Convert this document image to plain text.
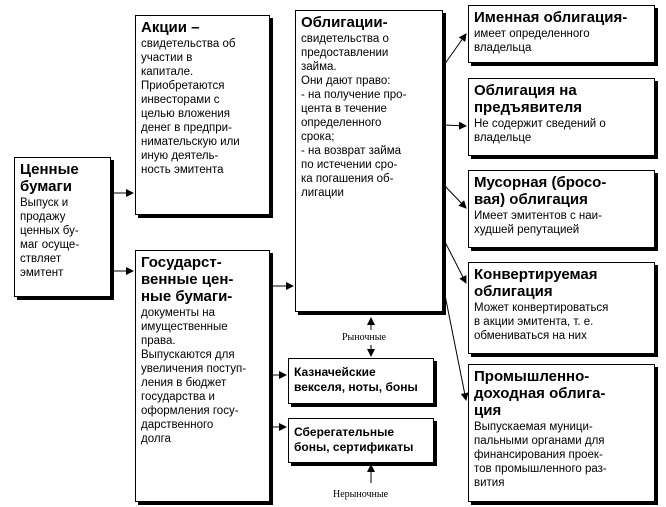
Ценные
бумаги
Выпуск и
продажу
ценных бу-
маг осуще-
ствляет
эмитент
Акции –
свидетельства об
участии в
капитале.
Приобретаются
инвесторами с
целью вложения
денег в предпри-
нимательскую или
иную деятель-
ность эмитента
Государст-
венные цен-
ные бумаги-
документы на
имущественные
права.
Выпускаются для
увеличения поступ-
ления в бюджет
государства и
оформления госу-
дарственного
долга
Облигации-
свидетельства о
предоставлении
займа.
Они дают право:
- на получение про-
цента в течение
определенного
срока;
- на возврат займа
по истечении сро-
ка погашения об-
лигации
Рыночные
Казначейские
векселя, ноты, боны
Сберегательные
боны, сертификаты
Нерыночные
Именная облигация-
имеет определенного
владельца
Облигация на
предъявителя
Не содержит сведений о
владельце
Мусорная (бросо-
вая) облигация
Имеет эмитентов с наи-
худшей репутацией
Конвертируемая
облигация
Может конвертироваться
в акции эмитента, т. е.
обмениваться на них
Промышленно-
доходная облига-
ция
Выпускаемая муници-
пальными органами для
финансирования проек-
тов промышленного раз-
вития
